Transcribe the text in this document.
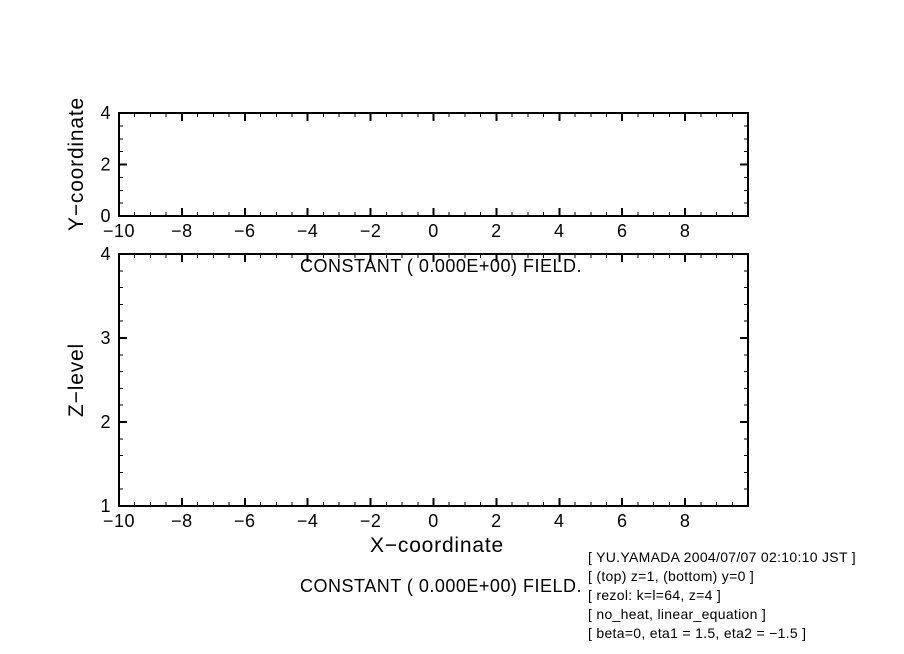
−10 −8 −6 −4 −2	0	2	4	6	8
0
2
4
−10 −8 −6 −4 −2	0	2	4	6	8
1
2
3
4
Y−coordinate
Z−level
CONSTANT ( 0.000E+00) FIELD.
X−coordinate
CONSTANT ( 0.000E+00) FIELD.
[ YU.YAMADA 2004/07/07 02:10:10 JST ]
[ (top) z=1, (bottom) y=0 ]
[ rezol: k=l=64, z=4 ]
[ no_heat, linear_equation ]
[ beta=0, eta1 = 1.5, eta2 = −1.5 ]
